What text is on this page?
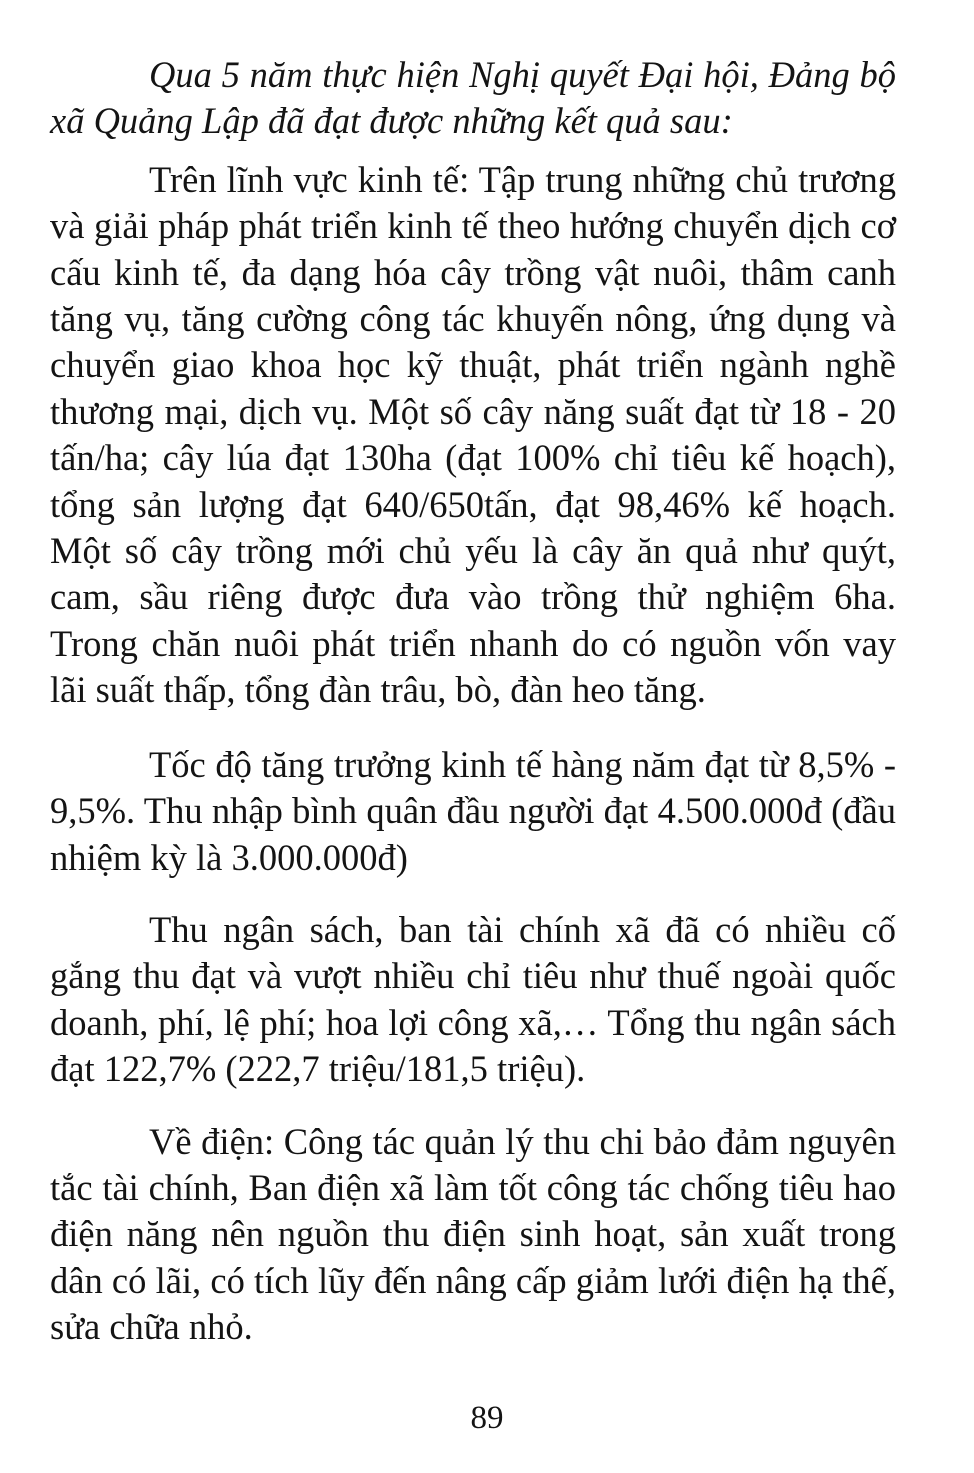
Qua 5 năm thực hiện Nghị quyết Đại hội, Đảng bộ xã Quảng Lập đã đạt được những kết quả sau:

Trên lĩnh vực kinh tế: Tập trung những chủ trương và giải pháp phát triển kinh tế theo hướng chuyển dịch cơ cấu kinh tế, đa dạng hóa cây trồng vật nuôi, thâm canh tăng vụ, tăng cường công tác khuyến nông, ứng dụng và chuyển giao khoa học kỹ thuật, phát triển ngành nghề thương mại, dịch vụ. Một số cây năng suất đạt từ 18 - 20 tấn/ha; cây lúa đạt 130ha (đạt 100% chỉ tiêu kế hoạch), tổng sản lượng đạt 640/650tấn, đạt 98,46% kế hoạch. Một số cây trồng mới chủ yếu là cây ăn quả như quýt, cam, sầu riêng được đưa vào trồng thử nghiệm 6ha. Trong chăn nuôi phát triển nhanh do có nguồn vốn vay lãi suất thấp, tổng đàn trâu, bò, đàn heo tăng.

Tốc độ tăng trưởng kinh tế hàng năm đạt từ 8,5% - 9,5%. Thu nhập bình quân đầu người đạt 4.500.000đ (đầu nhiệm kỳ là 3.000.000đ)

Thu ngân sách, ban tài chính xã đã có nhiều cố gắng thu đạt và vượt nhiều chỉ tiêu như thuế ngoài quốc doanh, phí, lệ phí; hoa lợi công xã,… Tổng thu ngân sách đạt 122,7% (222,7 triệu/181,5 triệu).

Về điện: Công tác quản lý thu chi bảo đảm nguyên tắc tài chính, Ban điện xã làm tốt công tác chống tiêu hao điện năng nên nguồn thu điện sinh hoạt, sản xuất trong dân có lãi, có tích lũy đến nâng cấp giảm lưới điện hạ thế, sửa chữa nhỏ.

89
